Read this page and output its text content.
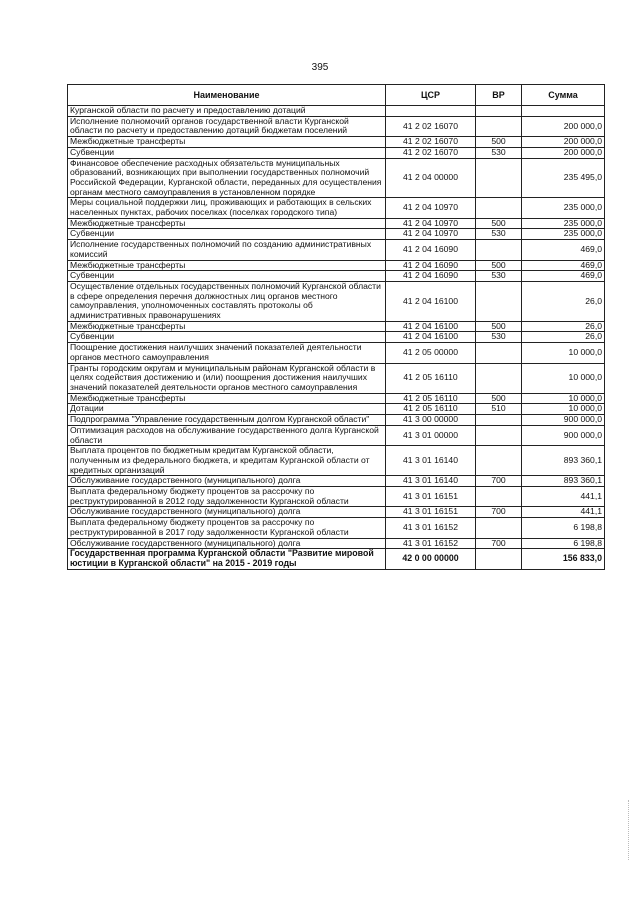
395
Наименование	ЦСР	ВР	Сумма
Курганской области по расчету и предоставлению дотаций			
Исполнение полномочий органов государственной власти Курганской области по расчету и предоставлению дотаций бюджетам поселений	41 2 02 16070		200 000,0
Межбюджетные трансферты	41 2 02 16070	500	200 000,0
Субвенции	41 2 02 16070	530	200 000,0
Финансовое обеспечение расходных обязательств муниципальных образований, возникающих при выполнении государственных полномочий Российской Федерации, Курганской области, переданных для осуществления органам местного самоуправления в установленном порядке	41 2 04 00000		235 495,0
Меры социальной поддержки лиц, проживающих и работающих в сельских населенных пунктах, рабочих поселках (поселках городского типа)	41 2 04 10970		235 000,0
Межбюджетные трансферты	41 2 04 10970	500	235 000,0
Субвенции	41 2 04 10970	530	235 000,0
Исполнение государственных полномочий по созданию административных комиссий	41 2 04 16090		469,0
Межбюджетные трансферты	41 2 04 16090	500	469,0
Субвенции	41 2 04 16090	530	469,0
Осуществление отдельных государственных полномочий Курганской области в сфере определения перечня должностных лиц органов местного самоуправления, уполномоченных составлять протоколы об административных правонарушениях	41 2 04 16100		26,0
Межбюджетные трансферты	41 2 04 16100	500	26,0
Субвенции	41 2 04 16100	530	26,0
Поощрение достижения наилучших значений показателей деятельности органов местного самоуправления	41 2 05 00000		10 000,0
Гранты городским округам и муниципальным районам Курганской области в целях содействия достижению и (или) поощрения достижения наилучших значений показателей деятельности органов местного самоуправления	41 2 05 16110		10 000,0
Межбюджетные трансферты	41 2 05 16110	500	10 000,0
Дотации	41 2 05 16110	510	10 000,0
Подпрограмма "Управление государственным долгом Курганской области"	41 3 00 00000		900 000,0
Оптимизация расходов на обслуживание государственного долга Курганской области	41 3 01 00000		900 000,0
Выплата процентов по бюджетным кредитам Курганской области, полученным из федерального бюджета, и кредитам Курганской области от кредитных организаций	41 3 01 16140		893 360,1
Обслуживание государственного (муниципального) долга	41 3 01 16140	700	893 360,1
Выплата федеральному бюджету процентов за рассрочку по реструктурированной в 2012 году задолженности Курганской области	41 3 01 16151		441,1
Обслуживание государственного (муниципального) долга	41 3 01 16151	700	441,1
Выплата федеральному бюджету процентов за рассрочку по реструктурированной в 2017 году задолженности Курганской области	41 3 01 16152		6 198,8
Обслуживание государственного (муниципального) долга	41 3 01 16152	700	6 198,8
Государственная программа Курганской области "Развитие мировой юстиции в Курганской области" на 2015 - 2019 годы	42 0 00 00000		156 833,0
